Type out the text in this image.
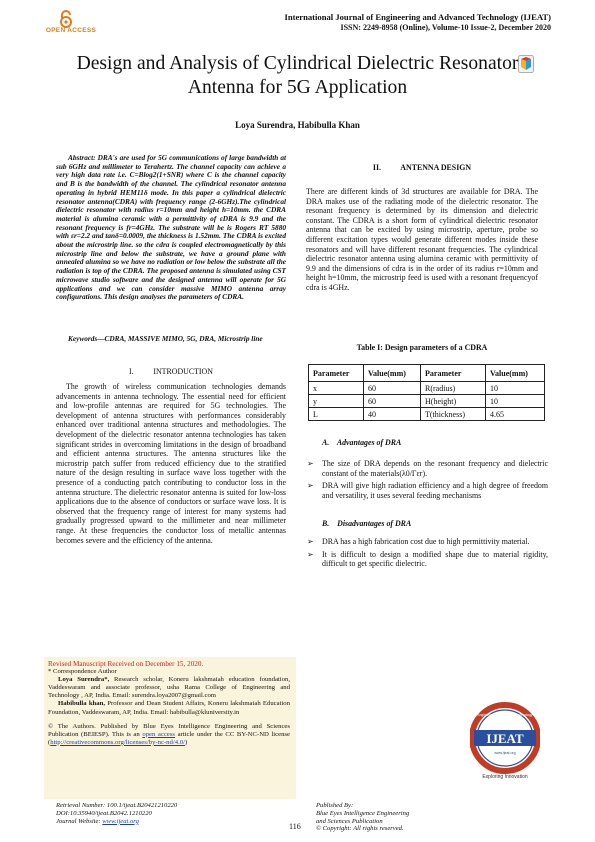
OPEN ACCESS
International Journal of Engineering and Advanced Technology (IJEAT)
ISSN: 2249-8958 (Online), Volume-10 Issue-2, December 2020
Design and Analysis of Cylindrical Dielectric Resonator Antenna for 5G Application
Loya Surendra, Habibulla Khan
Abstract: DRA's are used for 5G communications of large bandwidth at sub 6GHz and millimeter to Terahertz. The channel capacity can achieve a very high data rate i.e. C=Blog2(1+SNR) where C is the channel capacity and B is the bandwidth of the channel. The cylindrical resonator antenna operating in hybrid HEM11δ mode. In this paper a cylindrical dielectric resonator antenna(CDRA) with frequency range (2-6GHz).The cylindrical dielectric resonator with radius r=10mm and height h=10mm. the CDRA material is alumina ceramic with a permittivity of εDRA is 9.9 and the resonant frequency is fr=4GHz. The substrate will be is Rogers RT 5880 with εr=2.2 and tanδ=0.0009, the thickness is 1.52mm. The CDRA is excited about the microstrip line. so the cdra is coupled electromagnetically by this microstrip line and below the substrate, we have a ground plane with annealed alumina so we have no radiation or low below the substrate all the radiation is top of the CDRA. The proposed antenna is simulated using CST microwave studio software and the designed antenna will operate for 5G applications and we can consider massive MIMO antenna array configurations. This design analyses the parameters of CDRA.
Keywords—CDRA, MASSIVE MIMO, 5G, DRA, Microstrip line
I.          INTRODUCTION

The growth of wireless communication technologies demands advancements in antenna technology. The essential need for efficient and low-profile antennas are required for 5G technologies. The development of antenna structures with performances considerably enhanced over traditional antenna structures and methodologies. The development of the dielectric resonator antenna technologies has taken significant strides in overcoming limitations in the design of broadband and efficient antenna structures. The antenna structures like the microstrip patch suffer from reduced efficiency due to the stratified nature of the design resulting in surface wave loss together with the presence of a conducting patch contributing to conductor loss in the antenna structure. The dielectric resonator antenna is suited for low-loss applications due to the absence of conductors or surface wave loss. It is observed that the frequency range of interest for many systems had gradually progressed upward to the millimeter and near millimeter range. At these frequencies the conductor loss of metallic antennas becomes severe and the efficiency of the antenna.

Revised Manuscript Received on December 15, 2020.

* Correspondence Author

Loya Surendra*, Research scholar, Koneru lakshmaiah education foundation, Vaddeswaram and associate professor, usha Rama College of Engineering and Technology , AP, India. Email: surendra.loya2007@gmail.com

Habibulla khan, Professor and Dean Student Affairs, Koneru lakshmaiah Education Foundation, Vaddeswaram, AP, India. Email: habibulla@kluniversity.in

© The Authors. Published by Blue Eyes Intelligence Engineering and Sciences Publication (BEIESP). This is an open access article under the CC BY-NC-ND license (http://creativecommons.org/licenses/by-nc-nd/4.0/)

II.          ANTENNA DESIGN

There are different kinds of 3d structures are available for DRA. The DRA makes use of the radiating mode of the dielectric resonator. The resonant frequency is determined by its dimension and dielectric constant. The CDRA is a short form of cylindrical dielectric resonator antenna that can be excited by using microstrip, aperture, probe so different excitation types would generate different modes inside these resonators and will have different resonant frequencies. The cylindrical dielectric resonator antenna using alumina ceramic with permittivity of 9.9 and the dimensions of cdra is in the order of its radius r=10mm and height h=10mm, the microstrip feed is used with a resonant frequencyof cdra is 4GHz.

Table I: Design parameters of a CDRA
Parameter	Value(mm)	Parameter	Value(mm)
x	60	R(radius)	10
y	60	H(height)	10
L	40	T(thickness)	4.65
A.    Advantages of DRA
➢ The size of DRA depends on the resonant frequency and dielectric constant of the materials(λ0/Γεr).
➢ DRA will give high radiation efficiency and a high degree of freedom and versatility, it uses several feeding mechanisms
B.    Disadvantages of DRA
➢ DRA has a high fabrication cost due to high permittivity material.
➢ It is difficult to design a modified shape due to material rigidity, difficult to get specific dielectric.
IJEAT
Engineering and Advanced Technology
www.ijeat.org
Exploring Innovation
Retrieval Number: 100.1/ijeat.B20421210220
DOI:10.35940/ijeat.B2042.1210220
Journal Website: www.ijeat.org
Published By:
Blue Eyes Intelligence Engineering
and Sciences Publication
© Copyright: All rights reserved.
116
